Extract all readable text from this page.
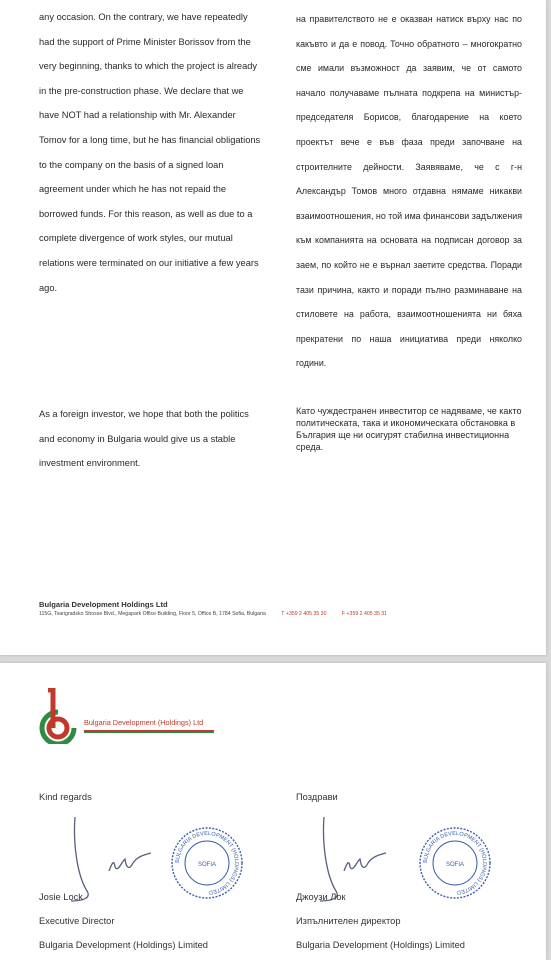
any occasion. On the contrary, we have repeatedly had the support of Prime Minister Borissov from the very beginning, thanks to which the project is already in the pre-construction phase. We declare that we have NOT had a relationship with Mr. Alexander Tomov for a long time, but he has financial obligations to the company on the basis of a signed loan agreement under which he has not repaid the borrowed funds. For this reason, as well as due to a complete divergence of work styles, our mutual relations were terminated on our initiative a few years ago.

As a foreign investor, we hope that both the politics and economy in Bulgaria would give us a stable investment environment.

на правителството не е оказван натиск върху нас по какъвто и да е повод. Точно обратното – многократно сме имали възможност да заявим, че от самото начало получаваме пълната подкрепа на министър-председателя Борисов, благодарение на което проектът вече е във фаза преди започване на строителните дейности. Заявяваме, че с г-н Александър Томов много отдавна нямаме никакви взаимоотношения, но той има финансови задължения към компанията на основата на подписан договор за заем, по който не е върнал заетите средства. Поради тази причина, както и поради пълно разминаване на стиловете на работа, взаимоотношенията ни бяха прекратени по наша инициатива преди няколко години.

Като чуждестранен инвеститор се надяваме, че както политическата, така и икономическата обстановка в България ще ни осигурят стабилна инвестиционна среда.

Bulgaria Development Holdings Ltd
115G, Tsarigradsko Shosse Blvd., Megapark Office Building, Floor 5, Office B, 1784 Sofia, Bulgaria	T +359 2 405 35 30	F +359 2 405 35 31
Bulgaria Development (Holdings) Ltd
Kind regards
BULGARIA DEVELOPMENT (HOLDINGS) LIMITED
SOFIA
Josie Lock
Executive Director
Bulgaria Development (Holdings) Limited
Поздрави
BULGARIA DEVELOPMENT (HOLDINGS) LIMITED
SOFIA
Джоузи Лок
Изпълнителен директор
Bulgaria Development (Holdings) Limited
